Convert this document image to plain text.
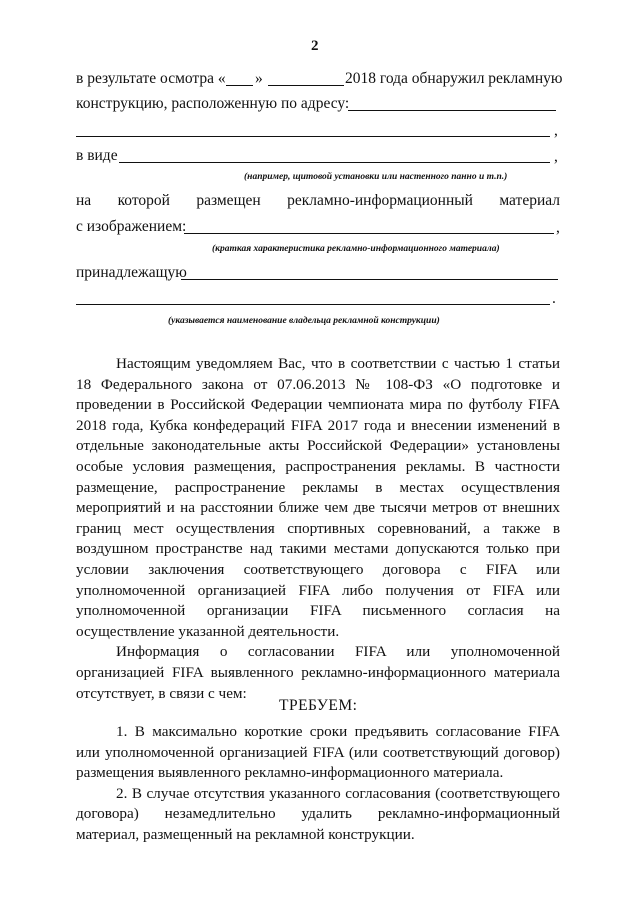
2
в результате осмотра « »	2018 года обнаружил рекламную
конструкцию, расположенную по адресу:
,
в виде	,
(например, щитовой установки или настенного панно и т.п.)
на которой размещен рекламно-информационный материал
с изображением:	,
(краткая характеристика рекламно-информационного материала)
принадлежащую
.
(указывается наименование владельца рекламной конструкции)

Настоящим уведомляем Вас, что в соответствии с частью 1 статьи 18 Федерального закона от 07.06.2013 № 108-ФЗ «О подготовке и проведении в Российской Федерации чемпионата мира по футболу FIFA 2018 года, Кубка конфедераций FIFA 2017 года и внесении изменений в отдельные законодательные акты Российской Федерации» установлены особые условия размещения, распространения рекламы. В частности размещение, распространение рекламы в местах осуществления мероприятий и на расстоянии ближе чем две тысячи метров от внешних границ мест осуществления спортивных соревнований, а также в воздушном пространстве над такими местами допускаются только при условии заключения соответствующего договора с FIFA или уполномоченной организацией FIFA либо получения от FIFA или уполномоченной организации FIFA письменного согласия на осуществление указанной деятельности.

Информация о согласовании FIFA или уполномоченной организацией FIFA выявленного рекламно-информационного материала отсутствует, в связи с чем:

ТРЕБУЕМ:

1. В максимально короткие сроки предъявить согласование FIFA или уполномоченной организацией FIFA (или соответствующий договор) размещения выявленного рекламно-информационного материала.

2. В случае отсутствия указанного согласования (соответствующего договора) незамедлительно удалить рекламно-информационный материал, размещенный на рекламной конструкции.
